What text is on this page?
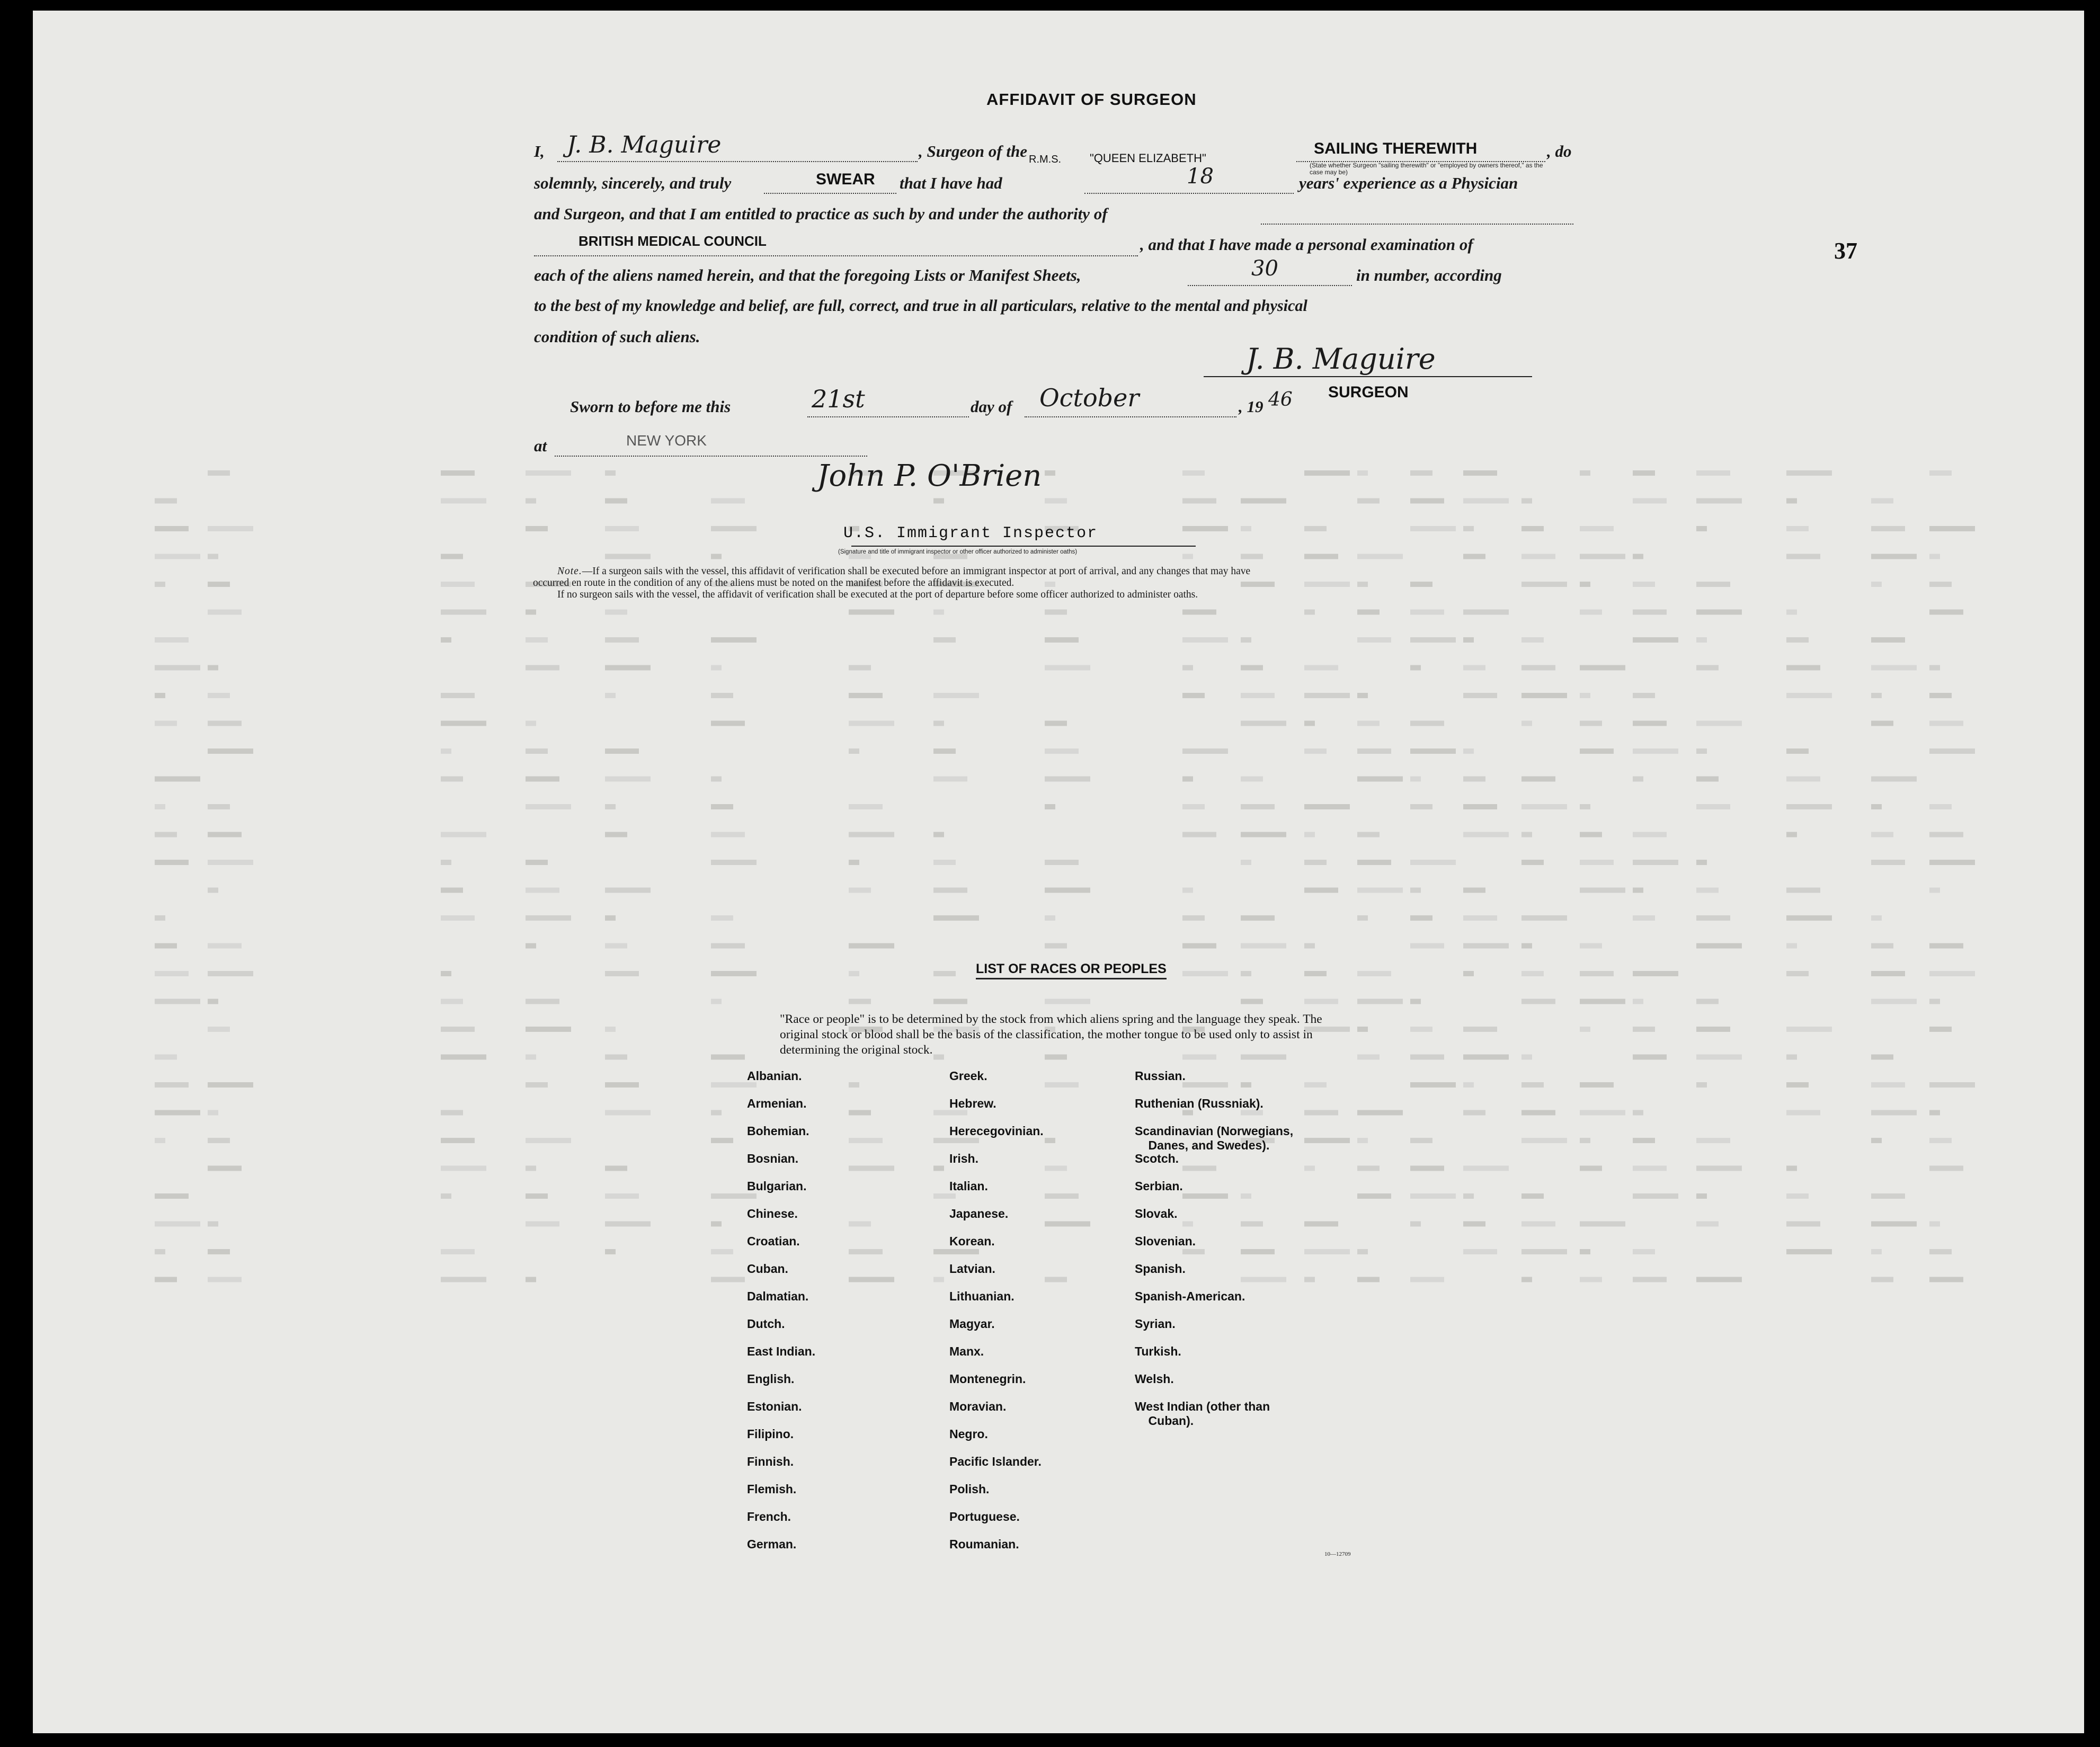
AFFIDAVIT OF SURGEON
I, J. B. Maguire	, Surgeon of the R.M.S. "QUEEN ELIZABETH"
SAILING THEREWITH
(State whether Surgeon "sailing therewith" or "employed by owners thereof," as the case may be)
, do
solemnly, sincerely, and truly	SWEAR that I have had	18	years' experience as a Physician
and Surgeon, and that I am entitled to practice as such by and under the authority of
BRITISH MEDICAL COUNCIL	, and that I have made a personal examination of
each of the aliens named herein, and that the foregoing Lists or Manifest Sheets,	30	in number, according
to the best of my knowledge and belief, are full, correct, and true in all particulars, relative to the mental and physical
condition of such aliens.
J. B. Maguire
SURGEON
Sworn to before me this	21st	day of October	, 19 46
at	NEW YORK
John P. O'Brien
U.S. Immigrant Inspector
(Signature and title of immigrant inspector or other officer authorized to administer oaths)
Note.—If a surgeon sails with the vessel, this affidavit of verification shall be executed before an immigrant inspector at port of arrival, and any changes that may have
occurred en route in the condition of any of the aliens must be noted on the manifest before the affidavit is executed.
If no surgeon sails with the vessel, the affidavit of verification shall be executed at the port of departure before some officer authorized to administer oaths.
37
LIST OF RACES OR PEOPLES
"Race or people" is to be determined by the stock from which aliens spring and the language they speak. The original stock or blood shall be the basis of the classification, the mother tongue to be used only to assist in determining the original stock.
Albanian.
Armenian.
Bohemian.
Bosnian.
Bulgarian.
Chinese.
Croatian.
Cuban.
Dalmatian.
Dutch.
East Indian.
English.
Estonian.
Filipino.
Finnish.
Flemish.
French.
German.
Greek.
Hebrew.
Herecegovinian.
Irish.
Italian.
Japanese.
Korean.
Latvian.
Lithuanian.
Magyar.
Manx.
Montenegrin.
Moravian.
Negro.
Pacific Islander.
Polish.
Portuguese.
Roumanian.
Russian.
Ruthenian (Russniak).
Scandinavian (Norwegians,
Danes, and Swedes).
Scotch.
Serbian.
Slovak.
Slovenian.
Spanish.
Spanish-American.
Syrian.
Turkish.
Welsh.
West Indian (other than
Cuban).
10—12709
